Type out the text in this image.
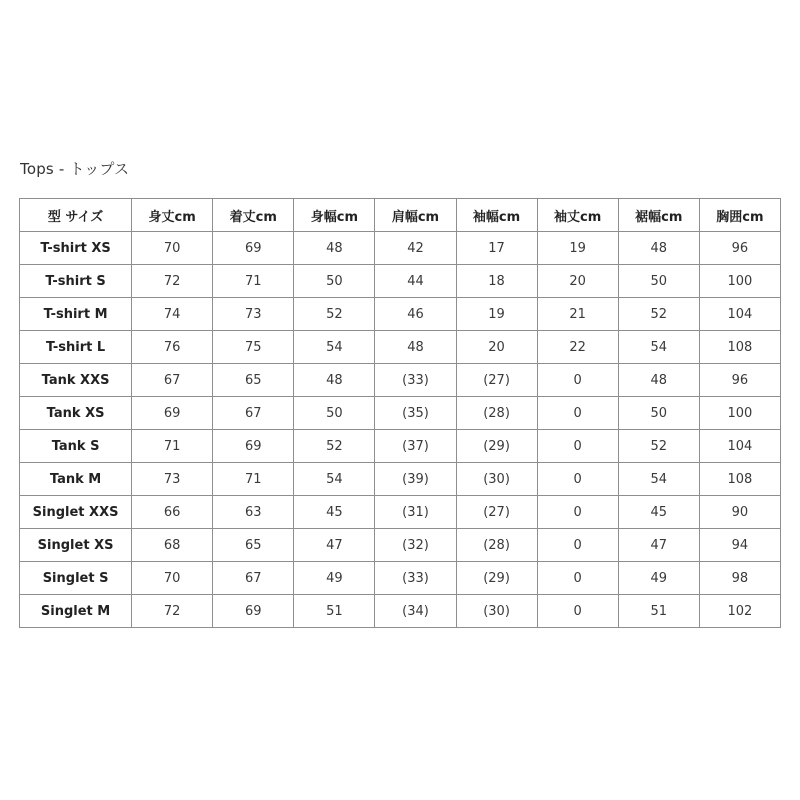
Tops - トップス
型 サイズ	身丈cm	着丈cm	身幅cm	肩幅cm	袖幅cm	袖丈cm	裾幅cm	胸囲cm
T-shirt XS	70	69	48	42	17	19	48	96
T-shirt S	72	71	50	44	18	20	50	100
T-shirt M	74	73	52	46	19	21	52	104
T-shirt L	76	75	54	48	20	22	54	108
Tank XXS	67	65	48	(33)	(27)	0	48	96
Tank XS	69	67	50	(35)	(28)	0	50	100
Tank S	71	69	52	(37)	(29)	0	52	104
Tank M	73	71	54	(39)	(30)	0	54	108
Singlet XXS	66	63	45	(31)	(27)	0	45	90
Singlet XS	68	65	47	(32)	(28)	0	47	94
Singlet S	70	67	49	(33)	(29)	0	49	98
Singlet M	72	69	51	(34)	(30)	0	51	102
